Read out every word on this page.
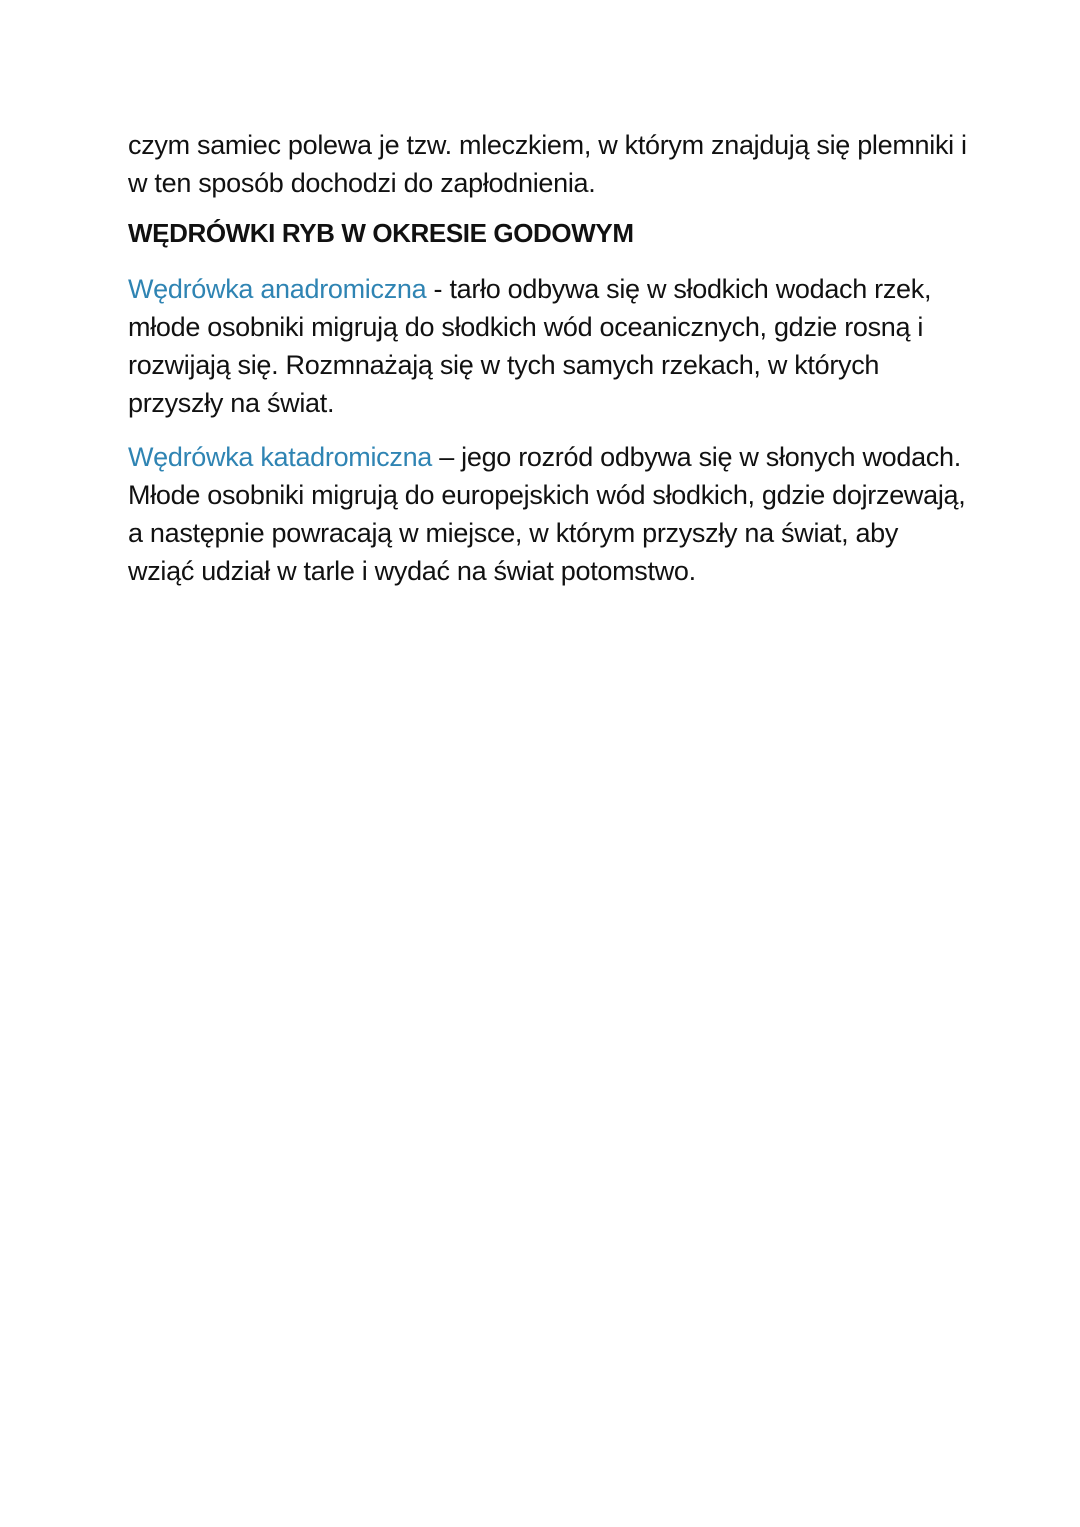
czym samiec polewa je tzw. mleczkiem, w którym znajdują się plemniki i w ten sposób dochodzi do zapłodnienia.

WĘDRÓWKI RYB W OKRESIE GODOWYM

Wędrówka anadromiczna - tarło odbywa się w słodkich wodach rzek, młode osobniki migrują do słodkich wód oceanicznych, gdzie rosną i rozwijają się. Rozmnażają się w tych samych rzekach, w których przyszły na świat.

Wędrówka katadromiczna – jego rozród odbywa się w słonych wodach. Młode osobniki migrują do europejskich wód słodkich, gdzie dojrzewają, a następnie powracają w miejsce, w którym przyszły na świat, aby wziąć udział w tarle i wydać na świat potomstwo.
